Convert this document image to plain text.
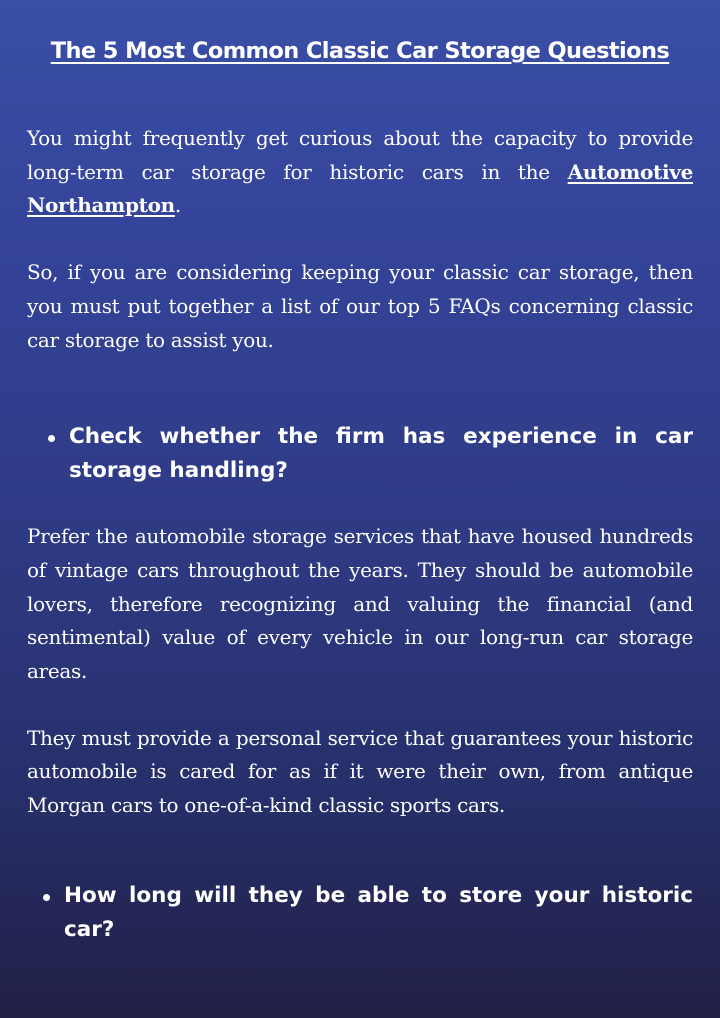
The 5 Most Common Classic Car Storage Questions

You might frequently get curious about the capacity to provide long-term car storage for historic cars in the Automotive Northampton.

So, if you are considering keeping your classic car storage, then you must put together a list of our top 5 FAQs concerning classic car storage to assist you.

Check whether the firm has experience in car storage handling?

Prefer the automobile storage services that have housed hundreds of vintage cars throughout the years. They should be automobile lovers, therefore recognizing and valuing the financial (and sentimental) value of every vehicle in our long-run car storage areas.

They must provide a personal service that guarantees your historic automobile is cared for as if it were their own, from antique Morgan cars to one-of-a-kind classic sports cars.

How long will they be able to store your historic car?
